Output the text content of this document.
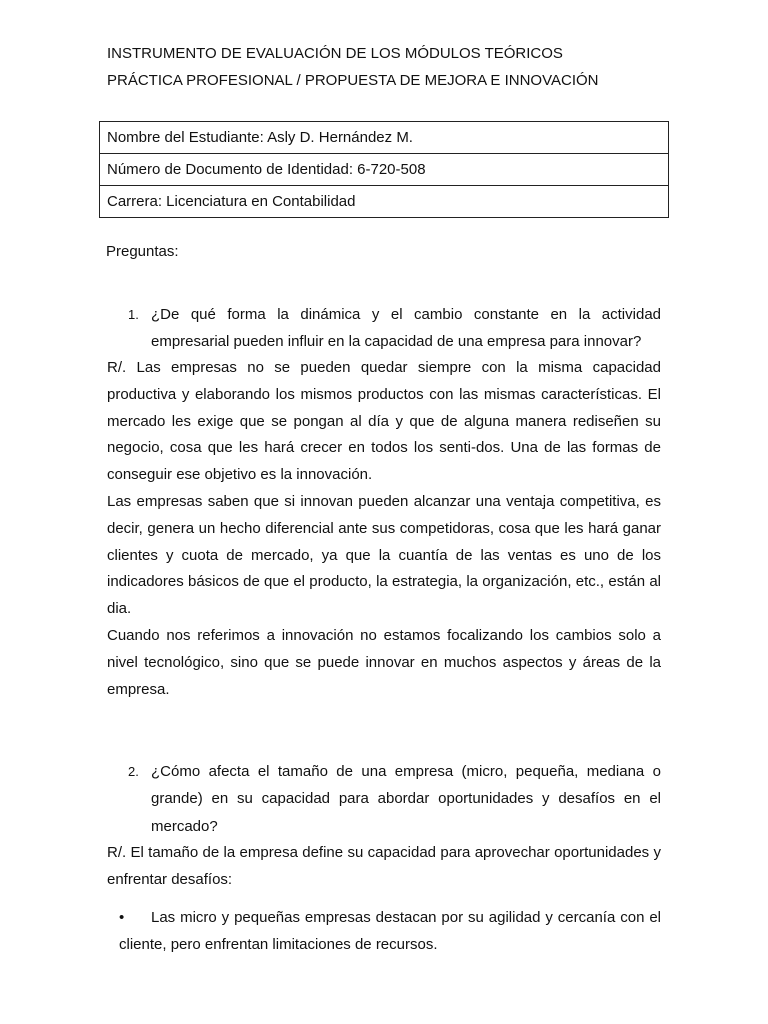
INSTRUMENTO DE EVALUACIÓN DE LOS MÓDULOS TEÓRICOS
PRÁCTICA PROFESIONAL / PROPUESTA DE MEJORA E INNOVACIÓN
Nombre del Estudiante: Asly D. Hernández M.
Número de Documento de Identidad: 6-720-508
Carrera: Licenciatura en Contabilidad
Preguntas:
1. ¿De qué forma la dinámica y el cambio constante en la actividad empresarial pueden influir en la capacidad de una empresa para innovar?

R/. Las empresas no se pueden quedar siempre con la misma capacidad productiva y elaborando los mismos productos con las mismas características. El mercado les exige que se pongan al día y que de alguna manera rediseñen su negocio, cosa que les hará crecer en todos los senti-dos. Una de las formas de conseguir ese objetivo es la innovación.

Las empresas saben que si innovan pueden alcanzar una ventaja competitiva, es decir, genera un hecho diferencial ante sus competidoras, cosa que les hará ganar clientes y cuota de mercado, ya que la cuantía de las ventas es uno de los indicadores básicos de que el producto, la estrategia, la organización, etc., están al dia.

Cuando nos referimos a innovación no estamos focalizando los cambios solo a nivel tecnológico, sino que se puede innovar en muchos aspectos y áreas de la empresa.

2. ¿Cómo afecta el tamaño de una empresa (micro, pequeña, mediana o grande) en su capacidad para abordar oportunidades y desafíos en el mercado?

R/. El tamaño de la empresa define su capacidad para aprovechar oportunidades y enfrentar desafíos:

• Las micro y pequeñas empresas destacan por su agilidad y cercanía con el cliente, pero enfrentan limitaciones de recursos.
